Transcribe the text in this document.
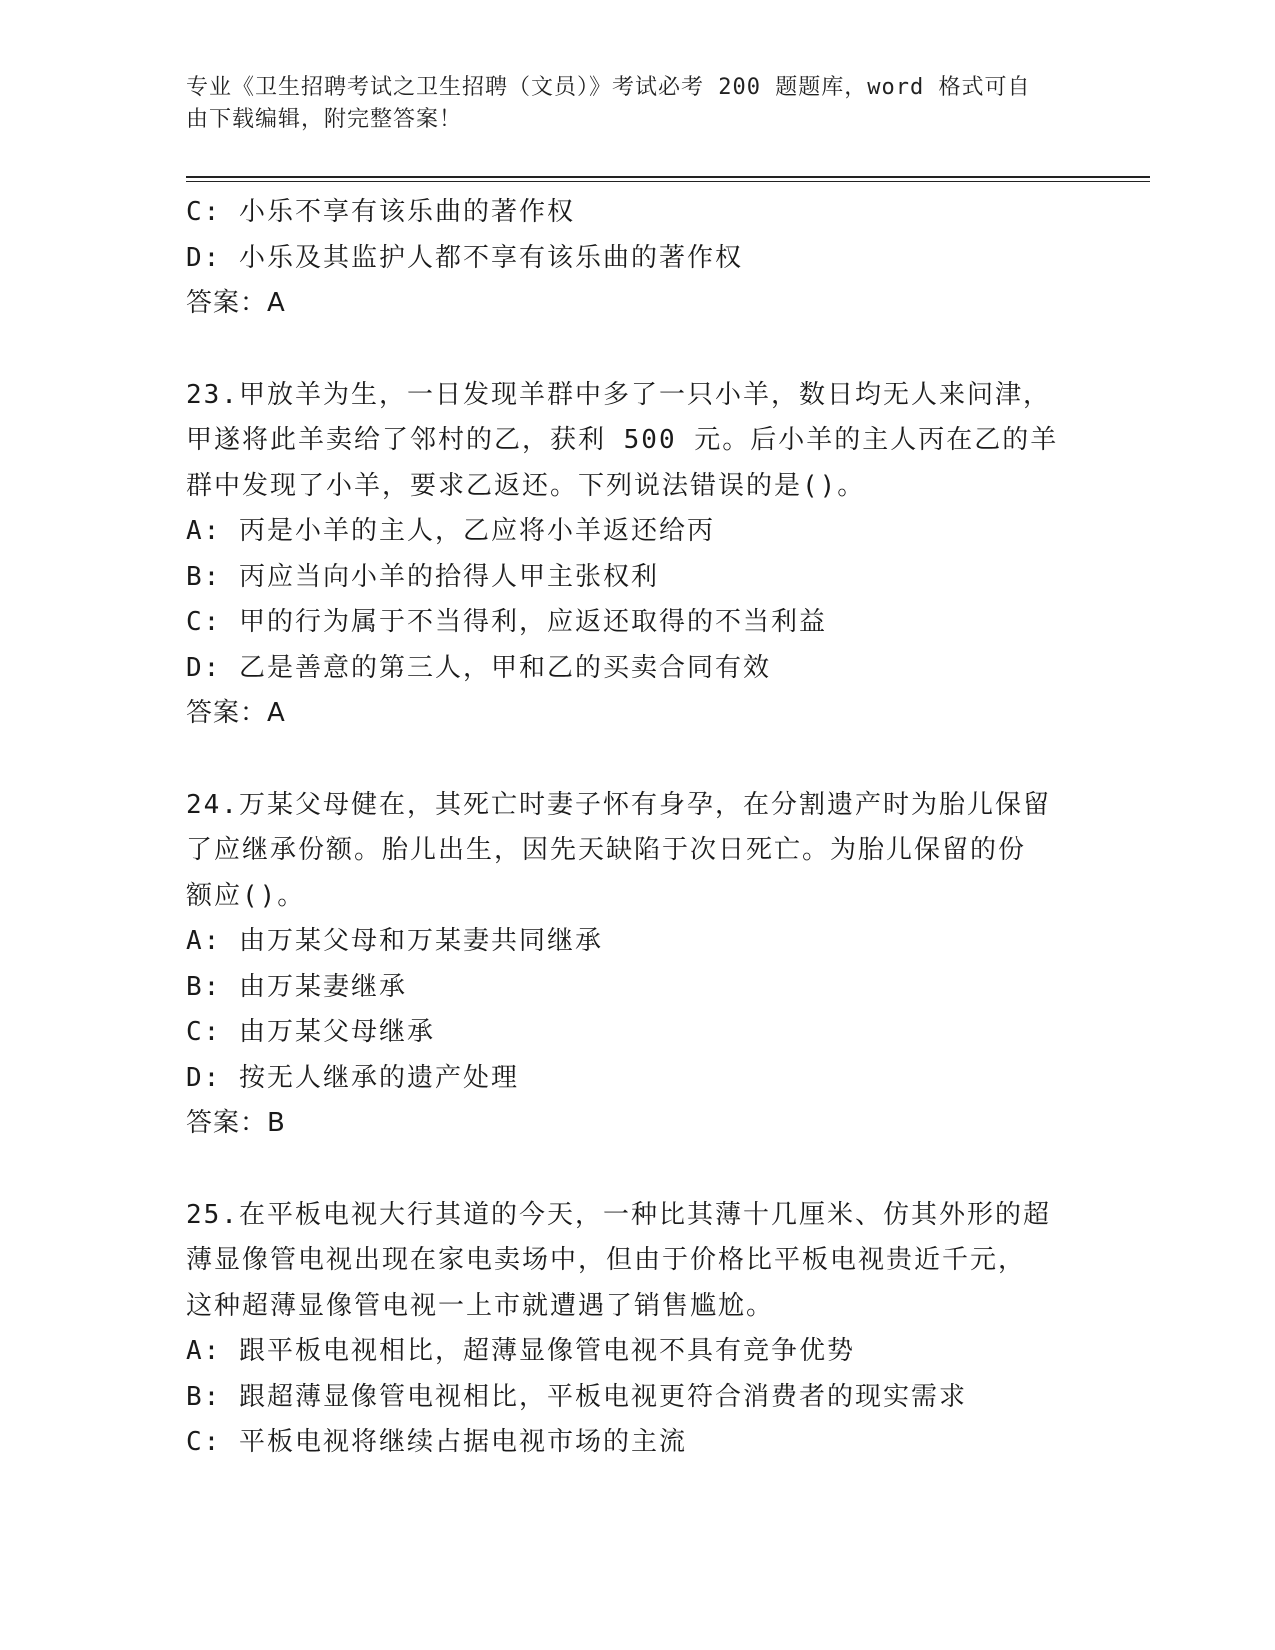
专业《卫生招聘考试之卫生招聘（文员）》考试必考 200 题题库，word 格式可自
由下载编辑，附完整答案！
C: 小乐不享有该乐曲的著作权
D: 小乐及其监护人都不享有该乐曲的著作权
答案：A
23.甲放羊为生，一日发现羊群中多了一只小羊，数日均无人来问津，
甲遂将此羊卖给了邻村的乙，获利 500 元。后小羊的主人丙在乙的羊
群中发现了小羊，要求乙返还。下列说法错误的是()。
A: 丙是小羊的主人，乙应将小羊返还给丙
B: 丙应当向小羊的拾得人甲主张权利
C: 甲的行为属于不当得利，应返还取得的不当利益
D: 乙是善意的第三人，甲和乙的买卖合同有效
答案：A
24.万某父母健在，其死亡时妻子怀有身孕，在分割遗产时为胎儿保留
了应继承份额。胎儿出生，因先天缺陷于次日死亡。为胎儿保留的份
额应()。
A: 由万某父母和万某妻共同继承
B: 由万某妻继承
C: 由万某父母继承
D: 按无人继承的遗产处理
答案：B
25.在平板电视大行其道的今天，一种比其薄十几厘米、仿其外形的超
薄显像管电视出现在家电卖场中，但由于价格比平板电视贵近千元，
这种超薄显像管电视一上市就遭遇了销售尴尬。
A: 跟平板电视相比，超薄显像管电视不具有竞争优势
B: 跟超薄显像管电视相比，平板电视更符合消费者的现实需求
C: 平板电视将继续占据电视市场的主流
